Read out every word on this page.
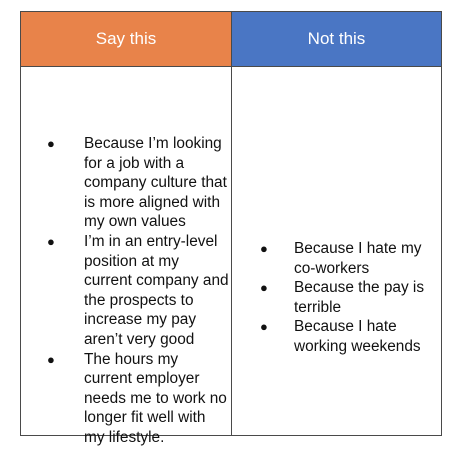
Say this	Not this
● Because I’m looking for a job with a company culture that is more aligned with my own values
● I’m in an entry-level position at my current company and the prospects to increase my pay aren’t very good
● The hours my current employer needs me to work no longer fit well with my lifestyle.
● Because I hate my co-workers
● Because the pay is terrible
● Because I hate working weekends
